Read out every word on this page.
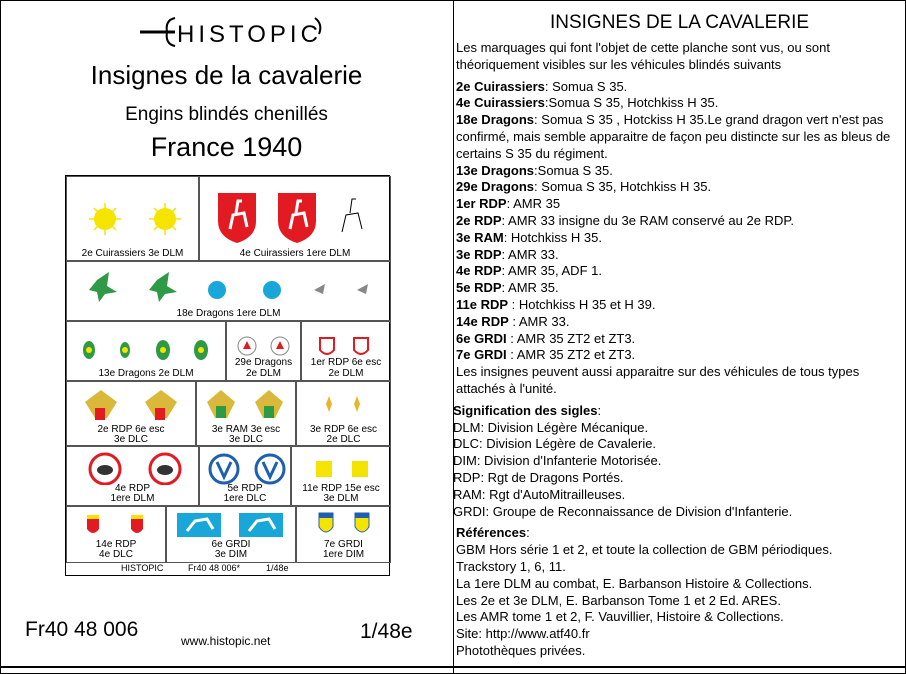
HISTOPIC
Insignes de la cavalerie
Engins blindés chenillés
France 1940
2e Cuirassiers 3e DLM	4e Cuirassiers 1ere DLM
18e Dragons 1ere DLM
13e Dragons 2e DLM
29e Dragons
2e DLM
1er RDP 6e esc
2e DLM
2e RDP 6e esc
3e DLC
3e RAM 3e esc
3e DLC
3e RDP 6e esc
2e DLC
4e RDP
1ere DLM
5e RDP
1ere DLC
11e RDP 15e esc
3e DLM
14e RDP
4e DLC
6e GRDI
3e DIM
7e GRDI
1ere DIM
HISTOPIC	Fr40 48 006*	1/48e
Fr40 48 006	www.histopic.net	1/48e
INSIGNES DE LA CAVALERIE

Les marquages qui font l'objet de cette planche sont vus, ou sont théoriquement visibles sur les véhicules blindés suivants

2e Cuirassiers: Somua S 35.

4e Cuirassiers:Somua S 35, Hotchkiss H 35.

18e Dragons: Somua S 35 , Hotckiss H 35.Le grand dragon vert n'est pas confirmé, mais semble apparaitre de façon peu distincte sur les as bleus de certains S 35 du régiment.

13e Dragons:Somua S 35.

29e Dragons: Somua S 35, Hotchkiss H 35.

1er RDP: AMR 35

2e RDP: AMR 33 insigne du 3e RAM conservé au 2e RDP.

3e RAM: Hotchkiss H 35.

3e RDP: AMR 33.

4e RDP: AMR 35, ADF 1.

5e RDP: AMR 35.

11e RDP : Hotchkiss H 35 et H 39.

14e RDP : AMR 33.

6e GRDI : AMR 35 ZT2 et ZT3.

7e GRDI : AMR 35 ZT2 et ZT3.

Les insignes peuvent aussi apparaitre sur des véhicules de tous types attachés à l'unité.

Signification des sigles:

DLM: Division Légère Mécanique.

DLC: Division Légère de Cavalerie.

DIM: Division d'Infanterie Motorisée.

RDP: Rgt de Dragons Portés.

RAM: Rgt d'AutoMitrailleuses.

GRDI: Groupe de Reconnaissance de Division d'Infanterie.

Références:

GBM Hors série 1 et 2, et toute la collection de GBM périodiques.

Trackstory 1, 6, 11.

La 1ere DLM au combat, E. Barbanson Histoire & Collections.

Les 2e et 3e DLM, E. Barbanson Tome 1 et 2 Ed. ARES.

Les AMR tome 1 et 2, F. Vauvillier, Histoire & Collections.

Site: http://www.atf40.fr

Photothèques privées.
